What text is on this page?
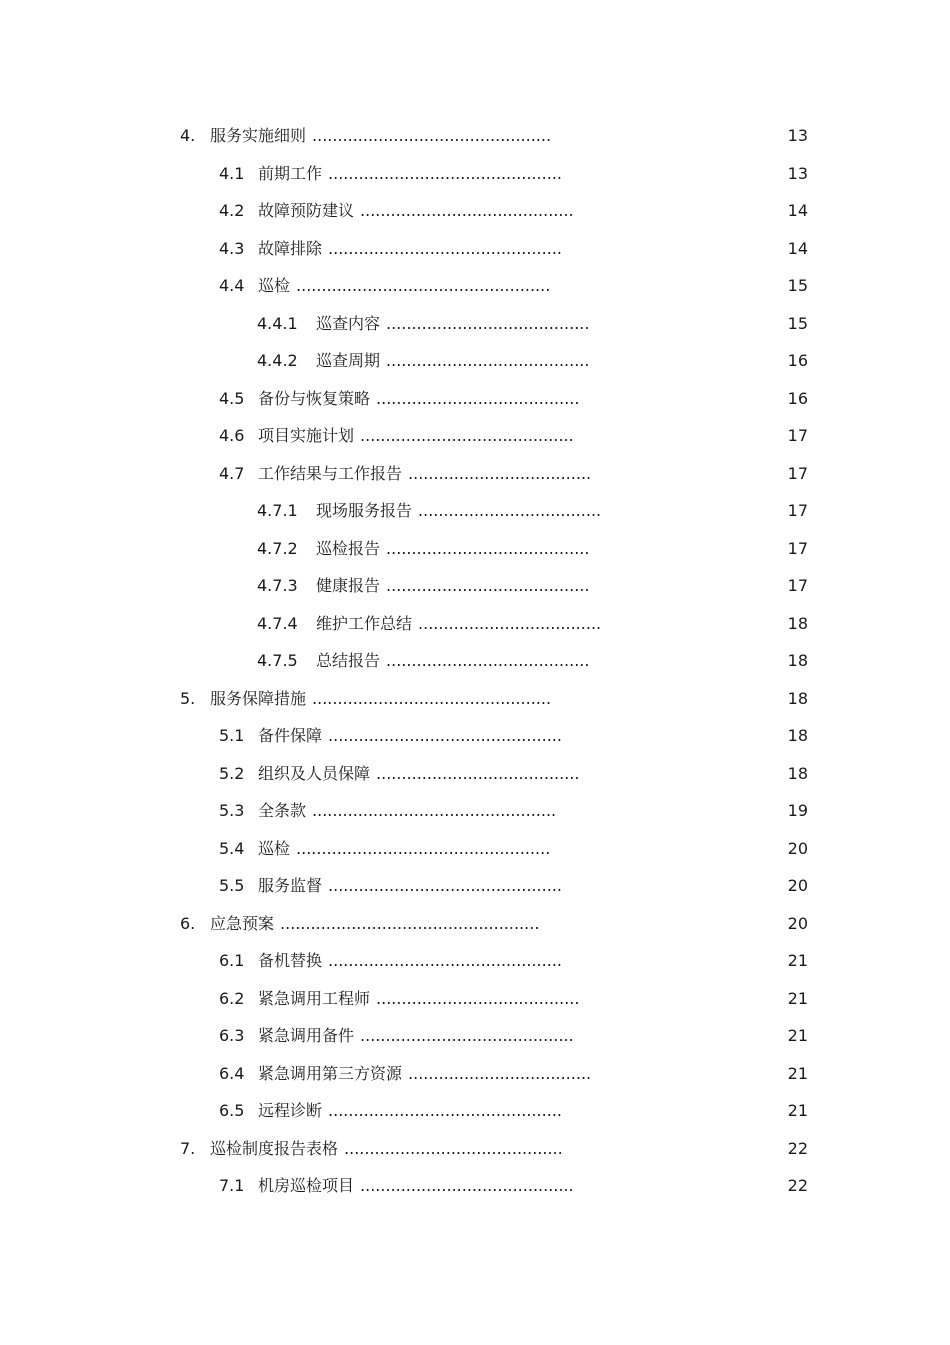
4. 服务实施细则 ...............................................	13
4.1 前期工作 ..............................................	13
4.2 故障预防建议 ..........................................	14
4.3 故障排除 ..............................................	14
4.4 巡检 ..................................................	15
4.4.1 巡查内容 ........................................	15
4.4.2 巡查周期 ........................................	16
4.5 备份与恢复策略 ........................................	16
4.6 项目实施计划 ..........................................	17
4.7 工作结果与工作报告 ....................................	17
4.7.1 现场服务报告 ....................................	17
4.7.2 巡检报告 ........................................	17
4.7.3 健康报告 ........................................	17
4.7.4 维护工作总结 ....................................	18
4.7.5 总结报告 ........................................	18
5. 服务保障措施 ...............................................	18
5.1 备件保障 ..............................................	18
5.2 组织及人员保障 ........................................	18
5.3 全条款 ................................................	19
5.4 巡检 ..................................................	20
5.5 服务监督 ..............................................	20
6. 应急预案 ...................................................	20
6.1 备机替换 ..............................................	21
6.2 紧急调用工程师 ........................................	21
6.3 紧急调用备件 ..........................................	21
6.4 紧急调用第三方资源 ....................................	21
6.5 远程诊断 ..............................................	21
7. 巡检制度报告表格 ...........................................	22
7.1 机房巡检项目 ..........................................	22
